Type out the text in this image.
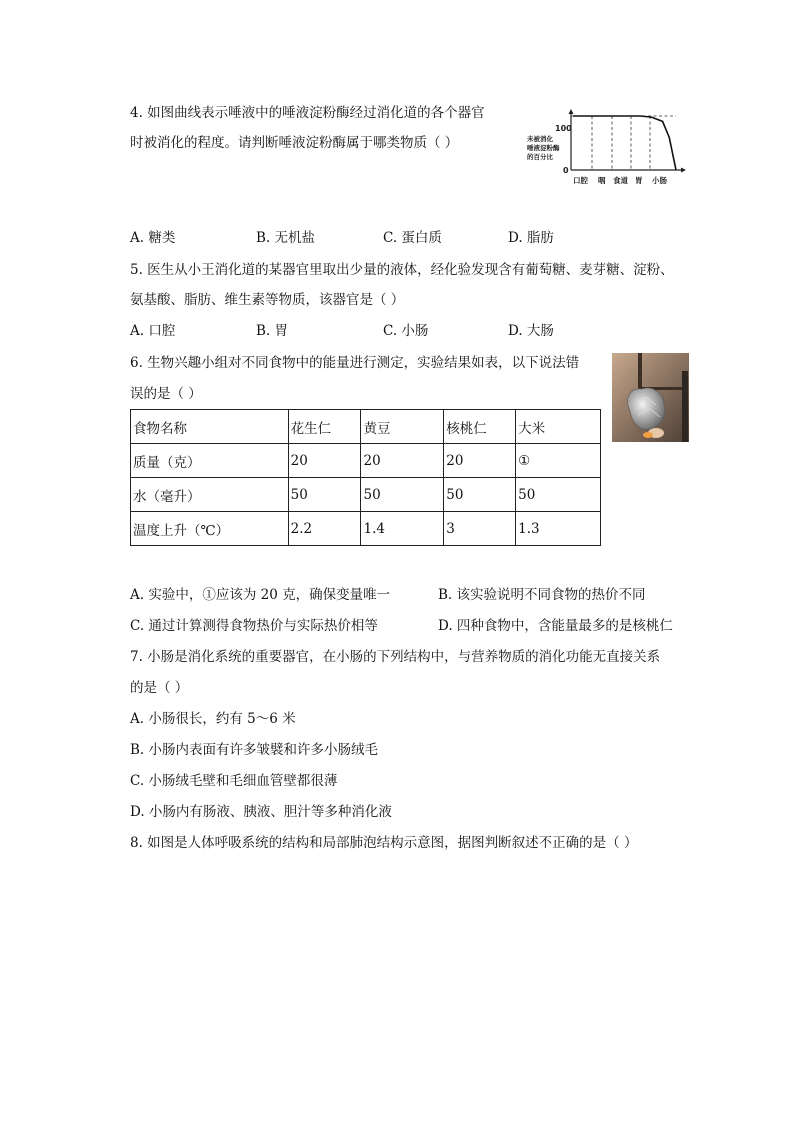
4. 如图曲线表示唾液中的唾液淀粉酶经过消化道的各个器官
时被消化的程度。请判断唾液淀粉酶属于哪类物质（ ）	未被消化
唾液淀粉酶
的百分比
100
0
口腔 咽 食道 胃 小肠
A. 糖类	B. 无机盐	C. 蛋白质	D. 脂肪
5. 医生从小王消化道的某器官里取出少量的液体，经化验发现含有葡萄糖、麦芽糖、淀粉、
氨基酸、脂肪、维生素等物质，该器官是（ ）
A. 口腔	B. 胃	C. 小肠	D. 大肠
6. 生物兴趣小组对不同食物中的能量进行测定，实验结果如表，以下说法错
误的是（ ）
食物名称	花生仁	黄豆	核桃仁	大米
质量（克）	20	20	20	①
水（毫升）	50	50	50	50
温度上升（℃）	2.2	1.4	3	1.3
A. 实验中，①应该为 20 克，确保变量唯一	B. 该实验说明不同食物的热价不同
C. 通过计算测得食物热价与实际热价相等	D. 四种食物中，含能量最多的是核桃仁
7. 小肠是消化系统的重要器官，在小肠的下列结构中，与营养物质的消化功能无直接关系
的是（ ）
A. 小肠很长，约有 5～6 米
B. 小肠内表面有许多皱襞和许多小肠绒毛
C. 小肠绒毛壁和毛细血管壁都很薄
D. 小肠内有肠液、胰液、胆汁等多种消化液
8. 如图是人体呼吸系统的结构和局部肺泡结构示意图，据图判断叙述不正确的是（ ）
